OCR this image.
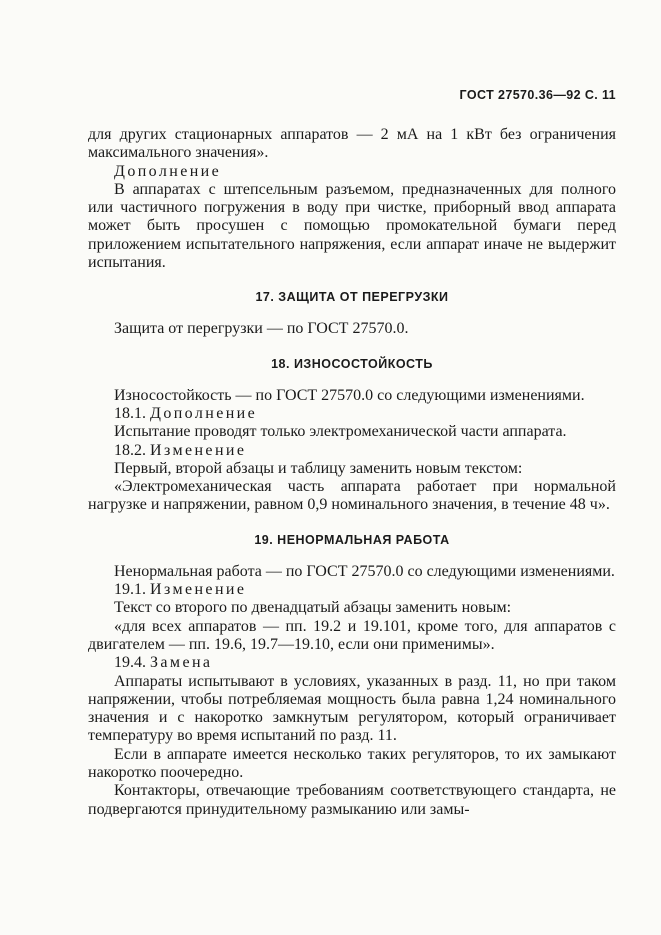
ГОСТ 27570.36—92 С. 11

для других стационарных аппаратов — 2 мА на 1 кВт без ограничения максимального значения».

Дополнение

В аппаратах с штепсельным разъемом, предназначенных для полного или частичного погружения в воду при чистке, приборный ввод аппарата может быть просушен с помощью промокательной бумаги перед приложением испытательного напряжения, если аппарат иначе не выдержит испытания.

17. ЗАЩИТА ОТ ПЕРЕГРУЗКИ

Защита от перегрузки — по ГОСТ 27570.0.

18. ИЗНОСОСТОЙКОСТЬ

Износостойкость — по ГОСТ 27570.0 со следующими изменениями.

18.1. Дополнение

Испытание проводят только электромеханической части аппарата.

18.2. Изменение

Первый, второй абзацы и таблицу заменить новым текстом:

«Электромеханическая часть аппарата работает при нормальной нагрузке и напряжении, равном 0,9 номинального значения, в течение 48 ч».

19. НЕНОРМАЛЬНАЯ РАБОТА

Ненормальная работа — по ГОСТ 27570.0 со следующими изменениями.

19.1. Изменение

Текст со второго по двенадцатый абзацы заменить новым:

«для всех аппаратов — пп. 19.2 и 19.101, кроме того, для аппаратов с двигателем — пп. 19.6, 19.7—19.10, если они применимы».

19.4. Замена

Аппараты испытывают в условиях, указанных в разд. 11, но при таком напряжении, чтобы потребляемая мощность была равна 1,24 номинального значения и с накоротко замкнутым регулятором, который ограничивает температуру во время испытаний по разд. 11.

Если в аппарате имеется несколько таких регуляторов, то их замыкают накоротко поочередно.

Контакторы, отвечающие требованиям соответствующего стандарта, не подвергаются принудительному размыканию или замы-
